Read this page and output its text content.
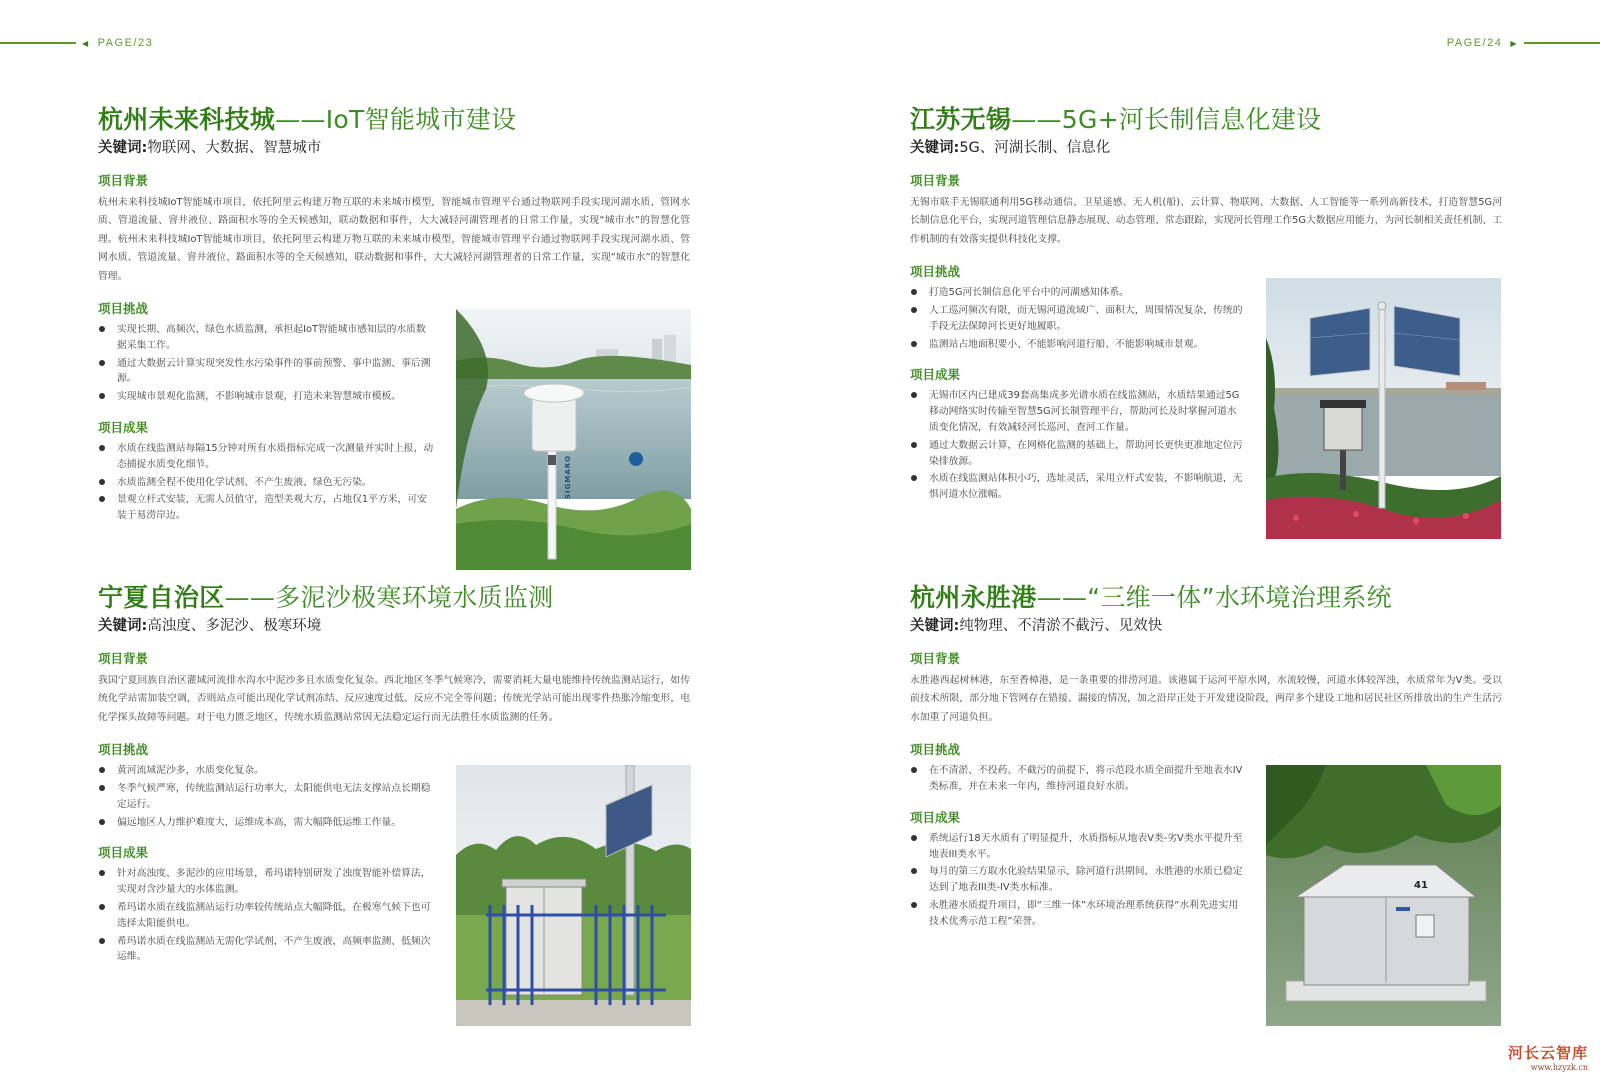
◀ PAGE/23	PAGE/24 ▶
杭州未来科技城——IoT智能城市建设
关键词:物联网、大数据、智慧城市
项目背景

杭州未来科技城IoT智能城市项目，依托阿里云构建万物互联的未来城市模型，智能城市管理平台通过物联网手段实现河湖水质、管网水质、管道流量、窨井液位、路面积水等的全天候感知，联动数据和事件，大大减轻河湖管理者的日常工作量，实现“城市水”的智慧化管理。杭州未来科技城IoT智能城市项目，依托阿里云构建万物互联的未来城市模型，智能城市管理平台通过物联网手段实现河湖水质、管网水质、管道流量、窨井液位、路面积水等的全天候感知，联动数据和事件，大大减轻河湖管理者的日常工作量，实现“城市水”的智慧化管理。

项目挑战
实现长期、高频次、绿色水质监测，承担起IoT智能城市感知层的水质数据采集工作。
通过大数据云计算实现突发性水污染事件的事前预警、事中监测、事后溯源。
实现城市景观化监测，不影响城市景观，打造未来智慧城市模板。
项目成果
水质在线监测站每隔15分钟对所有水质指标完成一次测量并实时上报，动态捕捉水质变化细节。
水质监测全程不使用化学试剂、不产生废液、绿色无污染。
景观立杆式安装，无需人员值守，造型美观大方，占地仅1平方米，可安装于易涝岸边。
SIGMARO
江苏无锡——5G+河长制信息化建设
关键词:5G、河湖长制、信息化
项目背景

无锡市联手无锡联通利用5G移动通信、卫星遥感、无人机(船)、云计算、物联网、大数据、人工智能等一系列高新技术，打造智慧5G河长制信息化平台，实现河道管理信息静态展现、动态管理、常态跟踪，实现河长管理工作5G大数据应用能力，为河长制相关责任机制、工作机制的有效落实提供科技化支撑。

项目挑战
打造5G河长制信息化平台中的河湖感知体系。
人工巡河频次有限，而无锡河道流域广、面积大，周围情况复杂，传统的手段无法保障河长更好地履职。
监测站占地面积要小、不能影响河道行船、不能影响城市景观。
项目成果
无锡市区内已建成39套高集成多光谱水质在线监测站，水质结果通过5G移动网络实时传输至智慧5G河长制管理平台，帮助河长及时掌握河道水质变化情况，有效减轻河长巡河、查河工作量。
通过大数据云计算，在网格化监测的基础上，帮助河长更快更准地定位污染排放源。
水质在线监测站体积小巧，选址灵活，采用立杆式安装，不影响航道，无惧河道水位涨幅。
宁夏自治区——多泥沙极寒环境水质监测
关键词:高浊度、多泥沙、极寒环境
项目背景

我国宁夏回族自治区灌域河流排水沟水中泥沙多且水质变化复杂。西北地区冬季气候寒冷，需要消耗大量电能维持传统监测站运行，如传统化学站需加装空调，否则站点可能出现化学试剂冻结、反应速度过低、反应不完全等问题；传统光学站可能出现零件热胀冷缩变形，电化学探头故障等问题。对于电力匮乏地区，传统水质监测站常因无法稳定运行而无法胜任水质监测的任务。

项目挑战
黄河流域泥沙多，水质变化复杂。
冬季气候严寒，传统监测站运行功率大，太阳能供电无法支撑站点长期稳定运行。
偏远地区人力维护难度大，运维成本高，需大幅降低运维工作量。
项目成果
针对高浊度、多泥沙的应用场景，希玛诺特别研发了浊度智能补偿算法，实现对含沙量大的水体监测。
希玛诺水质在线监测站运行功率较传统站点大幅降低，在极寒气候下也可选择太阳能供电。
希玛诺水质在线监测站无需化学试剂，不产生废液，高频率监测、低频次运维。
杭州永胜港——“三维一体”水环境治理系统
关键词:纯物理、不清淤不截污、见效快
项目背景

永胜港西起树林港，东至香樟港，是一条重要的排涝河道。该港属于运河平原水网，水流较慢，河道水体较浑浊，水质常年为Ⅴ类。受以前技术所限，部分地下管网存在错接、漏接的情况，加之沿岸正处于开发建设阶段，两岸多个建设工地和居民社区所排放出的生产生活污水加重了河道负担。

项目挑战
在不清淤、不投药、不截污的前提下，将示范段水质全面提升至地表水IV类标准，并在未来一年内，维持河道良好水质。
项目成果
系统运行18天水质有了明显提升，水质指标从地表V类-劣V类水平提升至地表III类水平。
每月的第三方取水化验结果显示，除河道行洪期间，永胜港的水质已稳定达到了地表III类-IV类水标准。
永胜港水质提升项目，即“三维一体”水环境治理系统获得“水利先进实用技术优秀示范工程”荣誉。
41
河长云智库
www.hzyzk.cn
